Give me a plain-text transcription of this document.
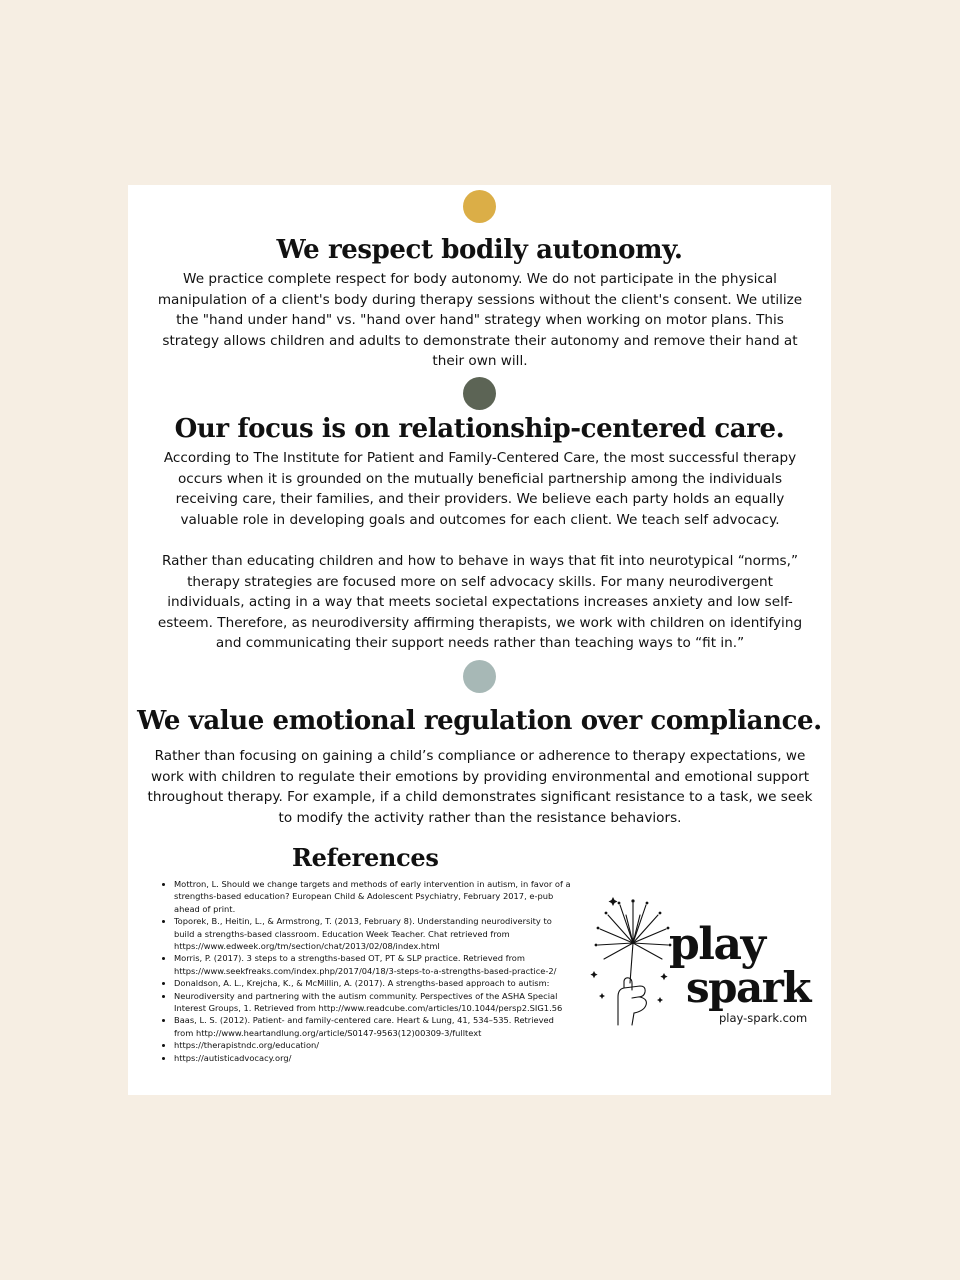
We respect bodily autonomy.

We practice complete respect for body autonomy. We do not participate in the physical manipulation of a client's body during therapy sessions without the client's consent. We utilize the "hand under hand" vs. "hand over hand" strategy when working on motor plans. This strategy allows children and adults to demonstrate their autonomy and remove their hand at their own will.

Our focus is on relationship-centered care.

According to The Institute for Patient and Family-Centered Care, the most successful therapy occurs when it is grounded on the mutually beneficial partnership among the individuals receiving care, their families, and their providers. We believe each party holds an equally valuable role in developing goals and outcomes for each client. We teach self advocacy.

Rather than educating children and how to behave in ways that fit into neurotypical “norms,” therapy strategies are focused more on self advocacy skills. For many neurodivergent individuals, acting in a way that meets societal expectations increases anxiety and low self-esteem. Therefore, as neurodiversity affirming therapists, we work with children on identifying and communicating their support needs rather than teaching ways to “fit in.”

We value emotional regulation over compliance.

Rather than focusing on gaining a child’s compliance or adherence to therapy expectations, we work with children to regulate their emotions by providing environmental and emotional support throughout therapy. For example, if a child demonstrates significant resistance to a task, we seek to modify the activity rather than the resistance behaviors.

References
• Mottron, L. Should we change targets and methods of early intervention in autism, in favor of a strengths-based education? European Child & Adolescent Psychiatry, February 2017, e-pub ahead of print.
• Toporek, B., Heitin, L., & Armstrong, T. (2013, February 8). Understanding neurodiversity to build a strengths-based classroom. Education Week Teacher. Chat retrieved from https://www.edweek.org/tm/section/chat/2013/02/08/index.html
• Morris, P. (2017). 3 steps to a strengths-based OT, PT & SLP practice. Retrieved from https://www.seekfreaks.com/index.php/2017/04/18/3-steps-to-a-strengths-based-practice-2/
• Donaldson, A. L., Krejcha, K., & McMillin, A. (2017). A strengths-based approach to autism:
• Neurodiversity and partnering with the autism community. Perspectives of the ASHA Special Interest Groups, 1. Retrieved from http://www.readcube.com/articles/10.1044/persp2.SIG1.56
• Baas, L. S. (2012). Patient- and family-centered care. Heart & Lung, 41, 534–535. Retrieved from http://www.heartandlung.org/article/S0147-9563(12)00309-3/fulltext
• https://therapistndc.org/education/
• https://autisticadvocacy.org/

play

spark

play-spark.com
